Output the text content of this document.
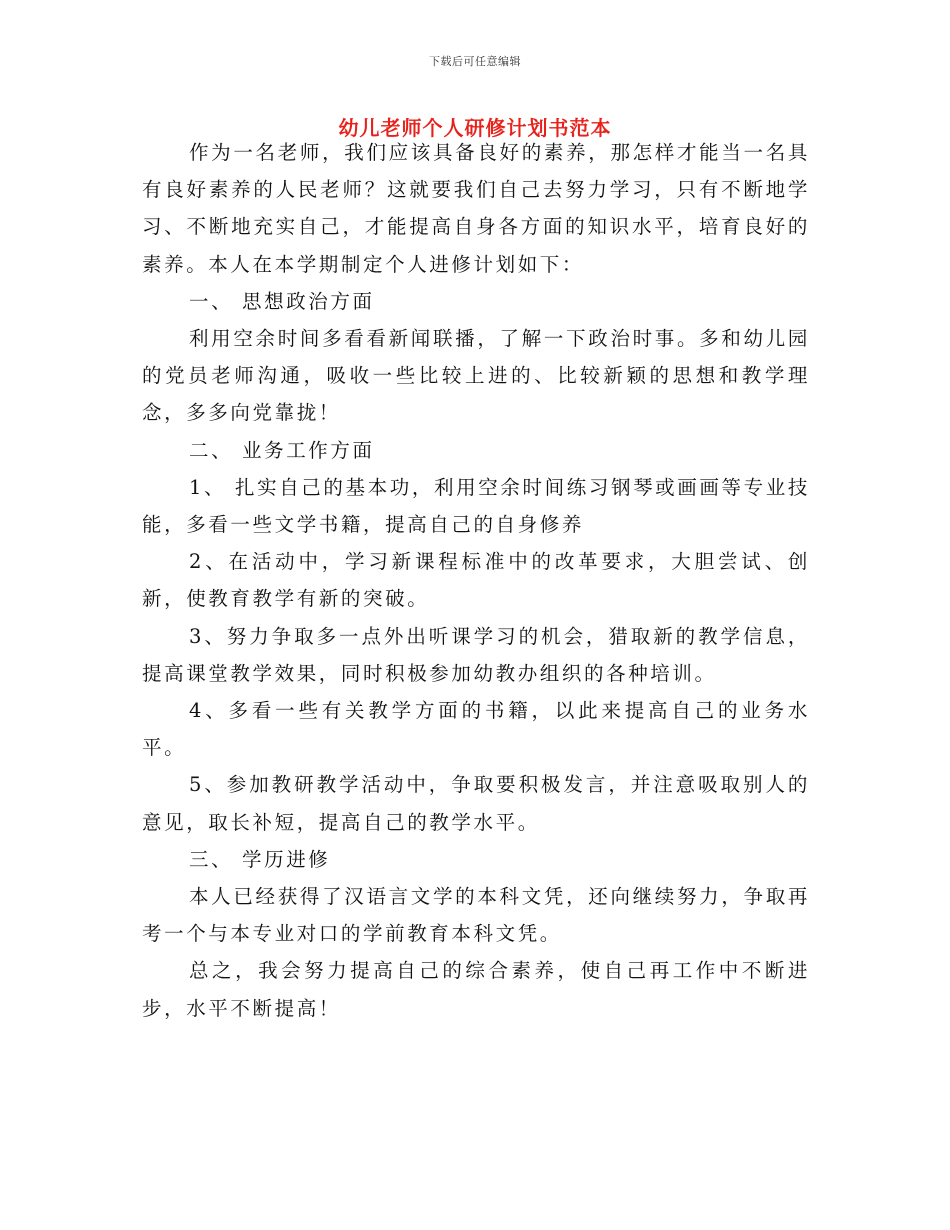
下载后可任意编辑
幼儿老师个人研修计划书范本

作为一名老师，我们应该具备良好的素养，那怎样才能当一名具有良好素养的人民老师？这就要我们自己去努力学习，只有不断地学习、不断地充实自己，才能提高自身各方面的知识水平，培育良好的素养。本人在本学期制定个人进修计划如下：

一、 思想政治方面

利用空余时间多看看新闻联播，了解一下政治时事。多和幼儿园的党员老师沟通，吸收一些比较上进的、比较新颖的思想和教学理念，多多向党靠拢！

二、 业务工作方面

1、 扎实自己的基本功，利用空余时间练习钢琴或画画等专业技能，多看一些文学书籍，提高自己的自身修养

2、在活动中，学习新课程标准中的改革要求，大胆尝试、创新，使教育教学有新的突破。

3、努力争取多一点外出听课学习的机会，猎取新的教学信息，提高课堂教学效果，同时积极参加幼教办组织的各种培训。

4、多看一些有关教学方面的书籍，以此来提高自己的业务水平。

5、参加教研教学活动中，争取要积极发言，并注意吸取别人的意见，取长补短，提高自己的教学水平。

三、 学历进修

本人已经获得了汉语言文学的本科文凭，还向继续努力，争取再考一个与本专业对口的学前教育本科文凭。

总之，我会努力提高自己的综合素养，使自己再工作中不断进步，水平不断提高！
